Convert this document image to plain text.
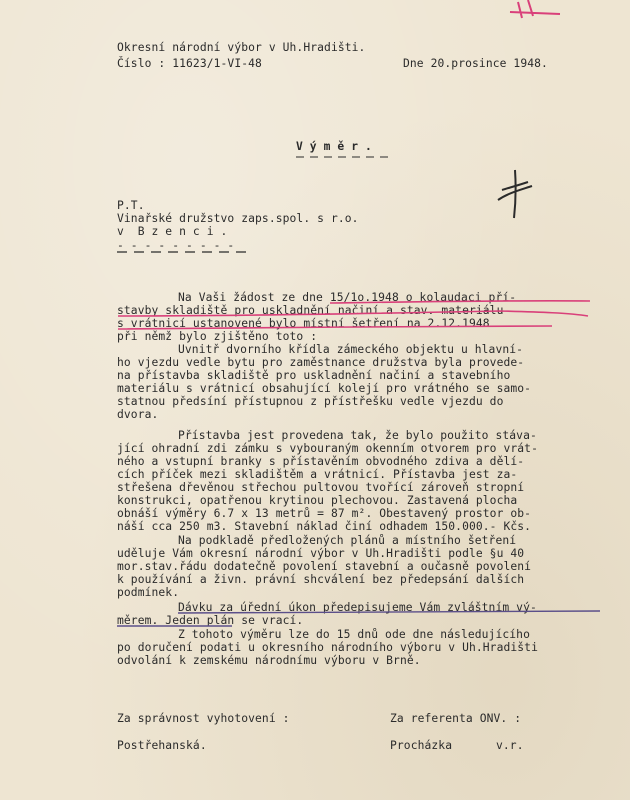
Okresní národní výbor v Uh.Hradišti.
Číslo : 11623/1-VI-48	Dne 20.prosince 1948.
V ý m ě r .
P.T.
Vinařské družstvo zaps.spol. s r.o.
v  B z e n c i .
- - - - - - - - -
Na Vaši žádost ze dne 15/1o.1948 o kolaudaci pří-
stavby skladiště pro uskladnění načiní a stav. materiálu
s vrátnicí ustanovené bylo místní šetření na 2.12.1948
při němž bylo zjištěno toto :
Uvnitř dvorního křídla zámeckého objektu u hlavní-
ho vjezdu vedle bytu pro zaměstnance družstva byla provede-
na přístavba skladiště pro uskladnění načiní a stavebního
materiálu s vrátnicí obsahující kolejí pro vrátného se samo-
statnou předsíní přístupnou z přístřešku vedle vjezdu do
dvora.
Přístavba jest provedena tak, že bylo použito stáva-
jící ohradní zdi zámku s vybouraným okenním otvorem pro vrát-
ného a vstupní branky s přístavěním obvodného zdiva a dělí-
cích příček mezi skladištěm a vrátnicí. Přístavba jest za-
střešena dřevěnou střechou pultovou tvořící zároveň stropní
konstrukci, opatřenou krytinou plechovou. Zastavená plocha
obnáší výměry 6.7 x 13 metrů = 87 m². Obestavený prostor ob-
náší cca 250 m3. Stavební náklad činí odhadem 150.000.- Kčs.
Na podkladě předložených plánů a místního šetření
uděluje Vám okresní národní výbor v Uh.Hradišti podle §u 40
mor.stav.řádu dodatečně povolení stavební a oučasně povolení
k používání a živn. právní shcválení bez předepsání dalších
podmínek.
Dávku za úřední úkon předepisujeme Vám zvláštním vý-
měrem. Jeden plán se vrací.
Z tohoto výměru lze do 15 dnů ode dne následujícího
po doručení podati u okresního národního výboru v Uh.Hradišti
odvolání k zemskému národnímu výboru v Brně.
Za správnost vyhotovení :
Postřehanská.
Za referenta ONV. :
Procházka	v.r.
